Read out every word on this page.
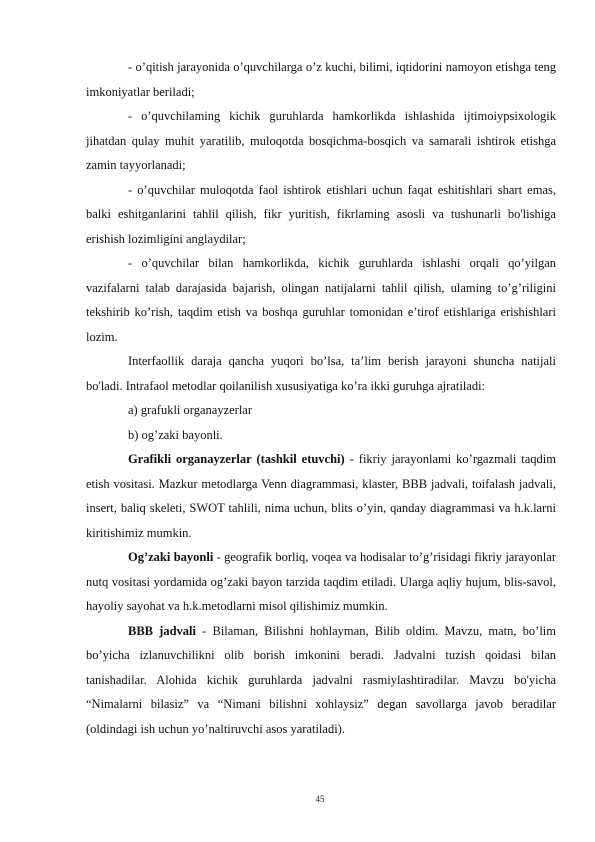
- o’qitish jarayonida o’quvchilarga o’z kuchi, bilimi, iqtidorini namoyon etishga teng imkoniyatlar beriladi;

- o’quvchilaming kichik guruhlarda hamkorlikda ishlashida ijtimoiypsixologik jihatdan qulay muhit yaratilib, muloqotda bosqichma-bosqich va samarali ishtirok etishga zamin tayyorlanadi;

- o’quvchilar muloqotda faol ishtirok etishlari uchun faqat eshitishlari shart emas, balki eshitganlarini tahlil qilish, fikr yuritish, fikrlaming asosli va tushunarli bo'lishiga erishish lozimligini anglaydilar;

- o’quvchilar bilan hamkorlikda, kichik guruhlarda ishlashi orqali qo’yilgan vazifalarni talab darajasida bajarish, olingan natijalarni tahlil qilish, ulaming to’g’riligini tekshirib ko’rish, taqdim etish va boshqa guruhlar tomonidan e’tirof etishlariga erishishlari lozim.

Interfaollik daraja qancha yuqori bo’lsa, ta’lim berish jarayoni shuncha natijali bo'ladi. Intrafaol metodlar qoilanilish xususiyatiga ko’ra ikki guruhga ajratiladi:

a) grafukli organayzerlar

b) og’zaki bayonli.

Grafikli organayzerlar (tashkil etuvchi) - fikriy jarayonlami ko’rgazmali taqdim etish vositasi. Mazkur metodlarga Venn diagrammasi, klaster, BBB jadvali, toifalash jadvali, insert, baliq skeleti, SWOT tahlili, nima uchun, blits o’yin, qanday diagrammasi va h.k.larni kiritishimiz mumkin.

Og’zaki bayonli - geografik borliq, voqea va hodisalar to’g’risidagi fikriy jarayonlar nutq vositasi yordamida og’zaki bayon tarzida taqdim etiladi. Ularga aqliy hujum, blis-savol, hayoliy sayohat va h.k.metodlarni misol qilishimiz mumkin.

BBB jadvali - Bilaman, Bilishni hohlayman, Bilib oldim. Mavzu, matn, bo’lim bo’yicha izlanuvchilikni olib borish imkonini beradi. Jadvalni tuzish qoidasi bilan tanishadilar. Alohida kichik guruhlarda jadvalni rasmiylashtiradilar. Mavzu bo'yicha “Nimalarni bilasiz” va “Nimani bilishni xohlaysiz” degan savollarga javob beradilar (oldindagi ish uchun yo’naltiruvchi asos yaratiladi).

45
